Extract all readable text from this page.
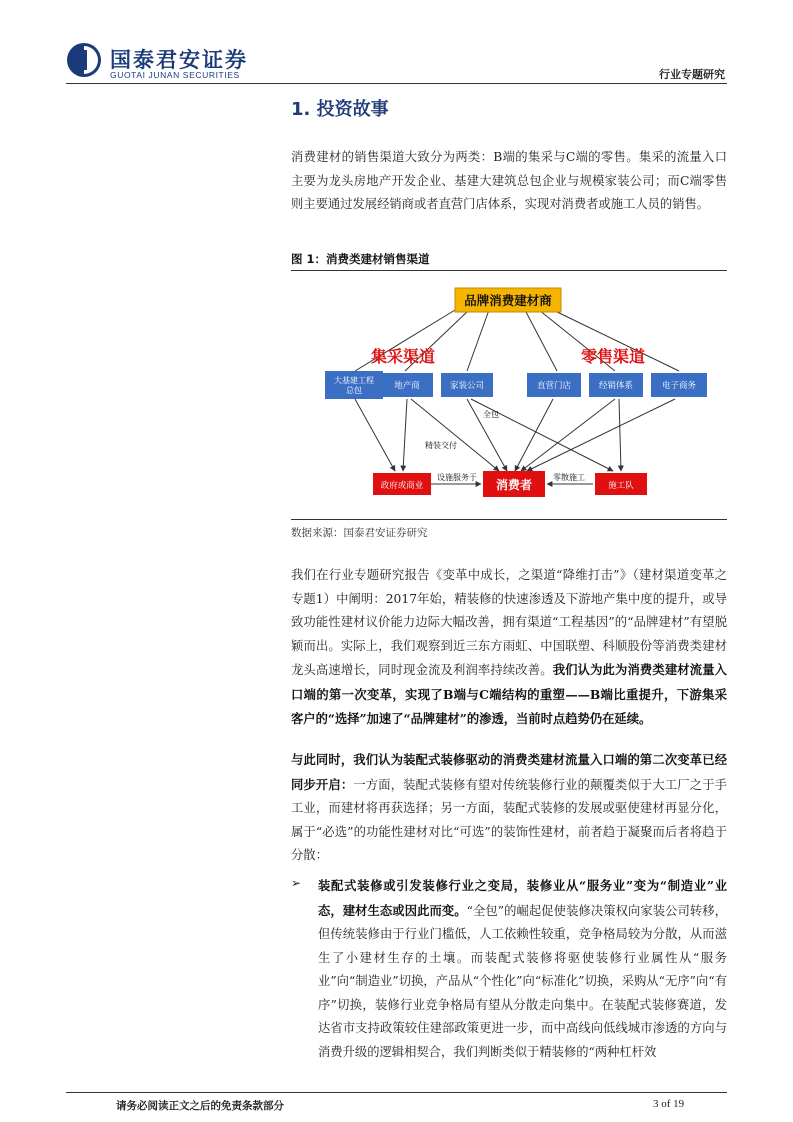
国泰君安证券
GUOTAI JUNAN SECURITIES	行业专题研究
1. 投资故事
消费建材的销售渠道大致分为两类：B端的集采与C端的零售。集采的流量入口主要为龙头房地产开发企业、基建大建筑总包企业与规模家装公司；而C端零售则主要通过发展经销商或者直营门店体系，实现对消费者或施工人员的销售。
图 1：消费类建材销售渠道
品牌消费建材商
集采渠道	零售渠道
大基建工程总包	地产商	家装公司	直营门店	经销体系	电子商务
政府或商业	消费者	施工队
全包
精装交付
设施服务于	零散施工
数据来源：国泰君安证券研究
我们在行业专题研究报告《变革中成长，之渠道“降维打击”》（建材渠道变革之专题1）中阐明：2017年始，精装修的快速渗透及下游地产集中度的提升，或导致功能性建材议价能力边际大幅改善，拥有渠道“工程基因”的“品牌建材”有望脱颖而出。实际上，我们观察到近三东方雨虹、中国联塑、科顺股份等消费类建材龙头高速增长，同时现金流及利润率持续改善。我们认为此为消费类建材流量入口端的第一次变革，实现了B端与C端结构的重塑——B端比重提升，下游集采客户的“选择”加速了“品牌建材”的渗透，当前时点趋势仍在延续。
与此同时，我们认为装配式装修驱动的消费类建材流量入口端的第二次变革已经同步开启：一方面，装配式装修有望对传统装修行业的颠覆类似于大工厂之于手工业，而建材将再获选择；另一方面，装配式装修的发展或驱使建材再显分化，属于“必选”的功能性建材对比“可选”的装饰性建材，前者趋于凝聚而后者将趋于分散：
➢ 装配式装修或引发装修行业之变局，装修业从“服务业”变为“制造业”业态，建材生态或因此而变。“全包”的崛起促使装修决策权向家装公司转移，但传统装修由于行业门槛低，人工依赖性较重，竞争格局较为分散，从而滋生了小建材生存的土壤。而装配式装修将驱使装修行业属性从“服务业”向“制造业”切换，产品从“个性化”向“标准化”切换，采购从“无序”向“有序”切换，装修行业竞争格局有望从分散走向集中。在装配式装修赛道，发达省市支持政策较住建部政策更进一步，而中高线向低线城市渗透的方向与消费升级的逻辑相契合，我们判断类似于精装修的“两种杠杆效
请务必阅读正文之后的免责条款部分	3 of 19
